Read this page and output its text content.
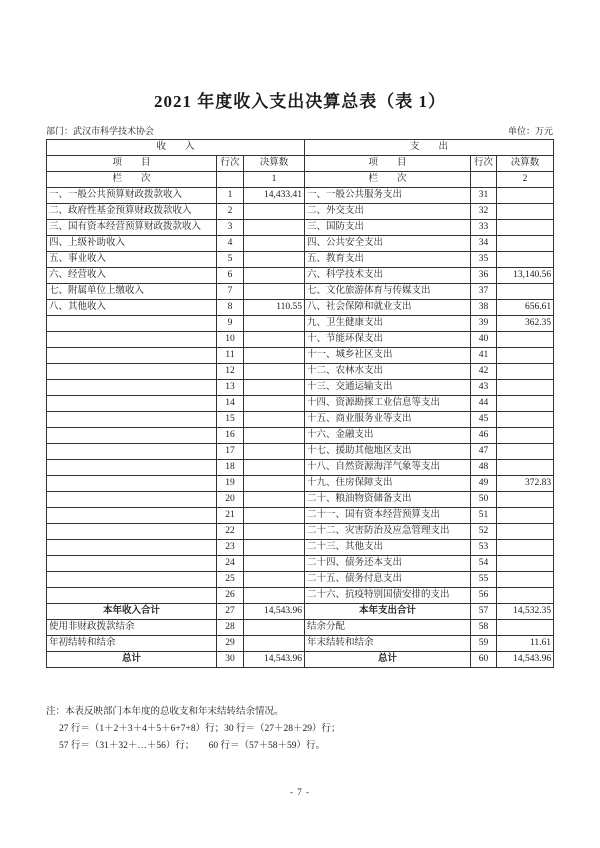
2021 年度收入支出决算总表（表 1）
部门：武汉市科学技术协会	单位：万元
收　　入			支　　出		
项　　目	行次	决算数	项　　目	行次	决算数
栏　　次		1	栏　　次		2
一、一般公共预算财政拨款收入	1	14,433.41	一、一般公共服务支出	31	
二、政府性基金预算财政拨款收入	2		二、外交支出	32	
三、国有资本经营预算财政拨款收入	3		三、国防支出	33	
四、上级补助收入	4		四、公共安全支出	34	
五、事业收入	5		五、教育支出	35	
六、经营收入	6		六、科学技术支出	36	13,140.56
七、附属单位上缴收入	7		七、文化旅游体育与传媒支出	37	
八、其他收入	8	110.55	八、社会保障和就业支出	38	656.61
	9		九、卫生健康支出	39	362.35
	10		十、节能环保支出	40	
	11		十一、城乡社区支出	41	
	12		十二、农林水支出	42	
	13		十三、交通运输支出	43	
	14		十四、资源勘探工业信息等支出	44	
	15		十五、商业服务业等支出	45	
	16		十六、金融支出	46	
	17		十七、援助其他地区支出	47	
	18		十八、自然资源海洋气象等支出	48	
	19		十九、住房保障支出	49	372.83
	20		二十、粮油物资储备支出	50	
	21		二十一、国有资本经营预算支出	51	
	22		二十二、灾害防治及应急管理支出	52	
	23		二十三、其他支出	53	
	24		二十四、债务还本支出	54	
	25		二十五、债务付息支出	55	
	26		二十六、抗疫特别国债安排的支出	56	
本年收入合计	27	14,543.96	本年支出合计	57	14,532.35
使用非财政拨款结余	28		结余分配	58	
年初结转和结余	29		年末结转和结余	59	11.61
总计	30	14,543.96	总计	60	14,543.96
注：本表反映部门本年度的总收支和年末结转结余情况。
27 行＝（1＋2＋3＋4＋5＋6+7+8）行；30 行＝（27＋28＋29）行；
57 行＝（31＋32＋…＋56）行；　　60 行＝（57＋58＋59）行。
- 7 -
